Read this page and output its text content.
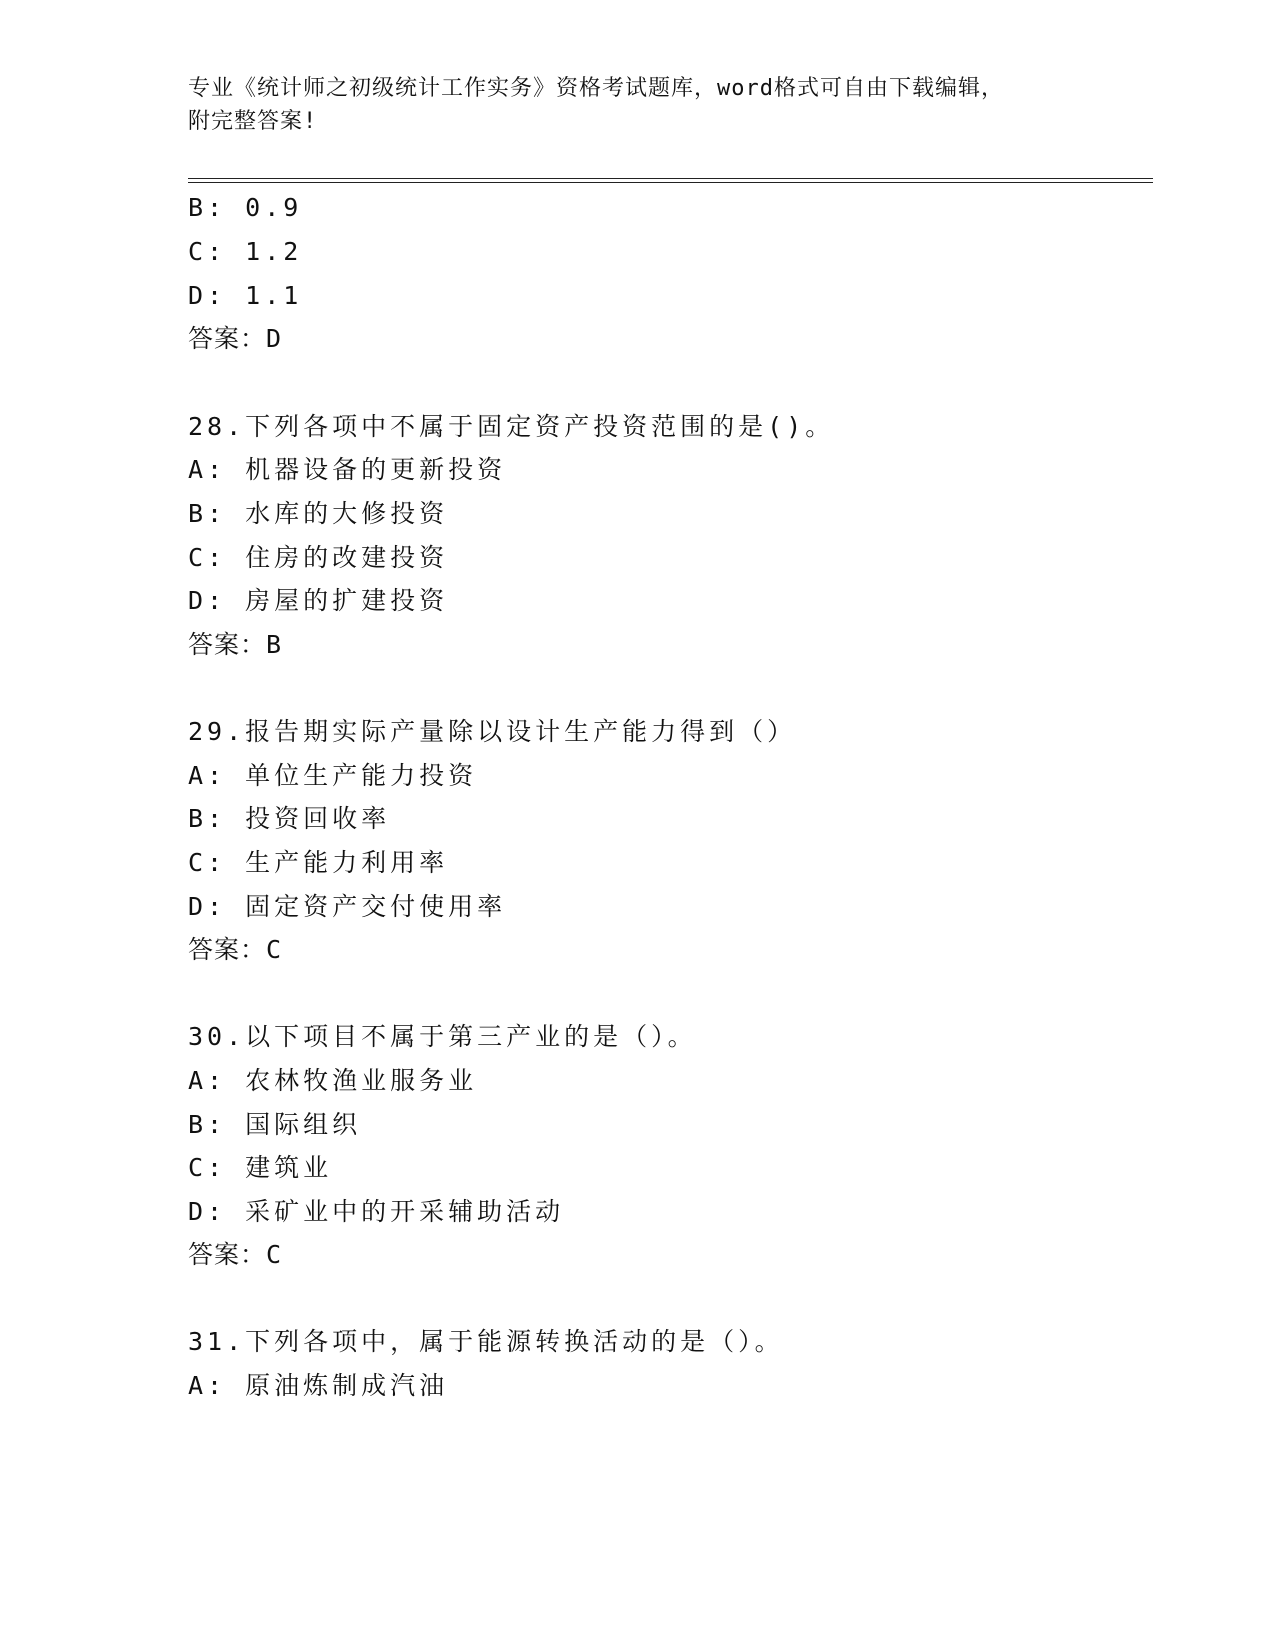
专业《统计师之初级统计工作实务》资格考试题库，word格式可自由下载编辑，
附完整答案!
B: 0.9
C: 1.2
D: 1.1
答案：D
28.下列各项中不属于固定资产投资范围的是()。
A: 机器设备的更新投资
B: 水库的大修投资
C: 住房的改建投资
D: 房屋的扩建投资
答案：B
29.报告期实际产量除以设计生产能力得到（）
A: 单位生产能力投资
B: 投资回收率
C: 生产能力利用率
D: 固定资产交付使用率
答案：C
30.以下项目不属于第三产业的是（）。
A: 农林牧渔业服务业
B: 国际组织
C: 建筑业
D: 采矿业中的开采辅助活动
答案：C
31.下列各项中，属于能源转换活动的是（）。
A: 原油炼制成汽油
